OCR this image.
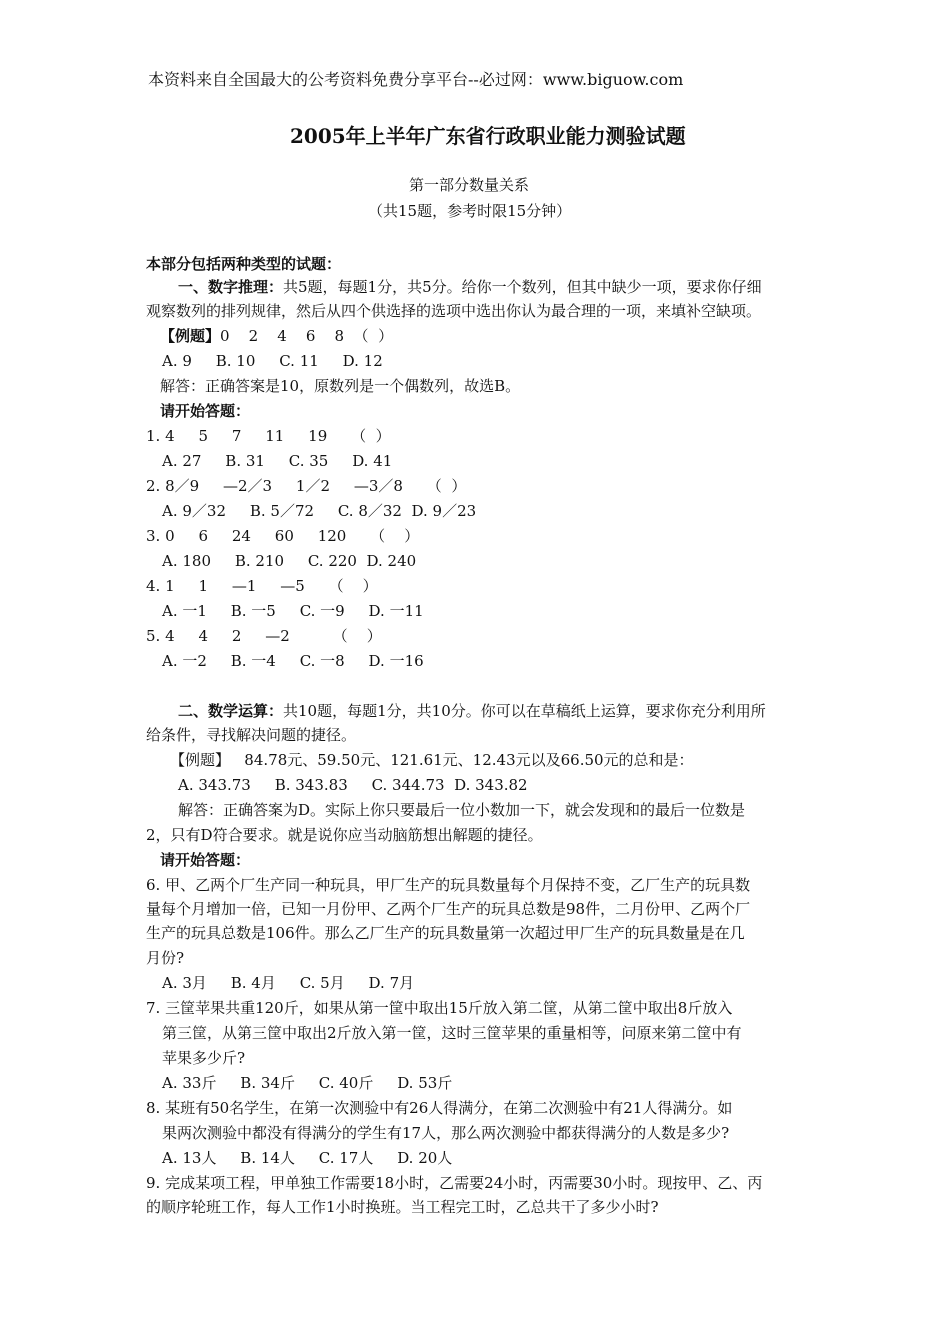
本资料来自全国最大的公考资料免费分享平台--必过网：www.biguow.com
2005年上半年广东省行政职业能力测验试题
第一部分数量关系
（共15题，参考时限15分钟）
本部分包括两种类型的试题：
一、数字推理：共5题，每题1分，共5分。给你一个数列，但其中缺少一项，要求你仔细
观察数列的排列规律，然后从四个供选择的选项中选出你认为最合理的一项，来填补空缺项。
【例题】0    2    4    6    8  （  ）
A. 9     B. 10     C. 11     D. 12
解答：正确答案是10，原数列是一个偶数列，故选B。
请开始答题：
1. 4     5     7     11     19     （  ）
A. 27     B. 31     C. 35     D. 41
2. 8／9     —2／3     1／2     —3／8     （  ）
A. 9／32     B. 5／72     C. 8／32  D. 9／23
3. 0     6     24     60     120     （    ）
A. 180     B. 210     C. 220  D. 240
4. 1     1     —1     —5     （    ）
A. 一1     B. 一5     C. 一9     D. 一11
5. 4     4     2     —2         （    ）
A. 一2     B. 一4     C. 一8     D. 一16
二、数学运算：共10题，每题1分，共10分。你可以在草稿纸上运算，要求你充分利用所
给条件，寻找解决问题的捷径。
【例题】   84.78元、59.50元、121.61元、12.43元以及66.50元的总和是：
A. 343.73     B. 343.83     C. 344.73  D. 343.82
解答：正确答案为D。实际上你只要最后一位小数加一下，就会发现和的最后一位数是
2，只有D符合要求。就是说你应当动脑筋想出解题的捷径。
请开始答题：
6. 甲、乙两个厂生产同一种玩具，甲厂生产的玩具数量每个月保持不变，乙厂生产的玩具数
量每个月增加一倍，已知一月份甲、乙两个厂生产的玩具总数是98件，二月份甲、乙两个厂
生产的玩具总数是106件。那么乙厂生产的玩具数量第一次超过甲厂生产的玩具数量是在几
月份?
A. 3月     B. 4月     C. 5月     D. 7月
7. 三筐苹果共重120斤，如果从第一筐中取出15斤放入第二筐，从第二筐中取出8斤放入
第三筐，从第三筐中取出2斤放入第一筐，这时三筐苹果的重量相等，问原来第二筐中有
苹果多少斤?
A. 33斤     B. 34斤     C. 40斤     D. 53斤
8. 某班有50名学生，在第一次测验中有26人得满分，在第二次测验中有21人得满分。如
果两次测验中都没有得满分的学生有17人，那么两次测验中都获得满分的人数是多少?
A. 13人     B. 14人     C. 17人     D. 20人
9. 完成某项工程，甲单独工作需要18小时，乙需要24小时，丙需要30小时。现按甲、乙、丙
的顺序轮班工作，每人工作1小时换班。当工程完工时，乙总共干了多少小时?
